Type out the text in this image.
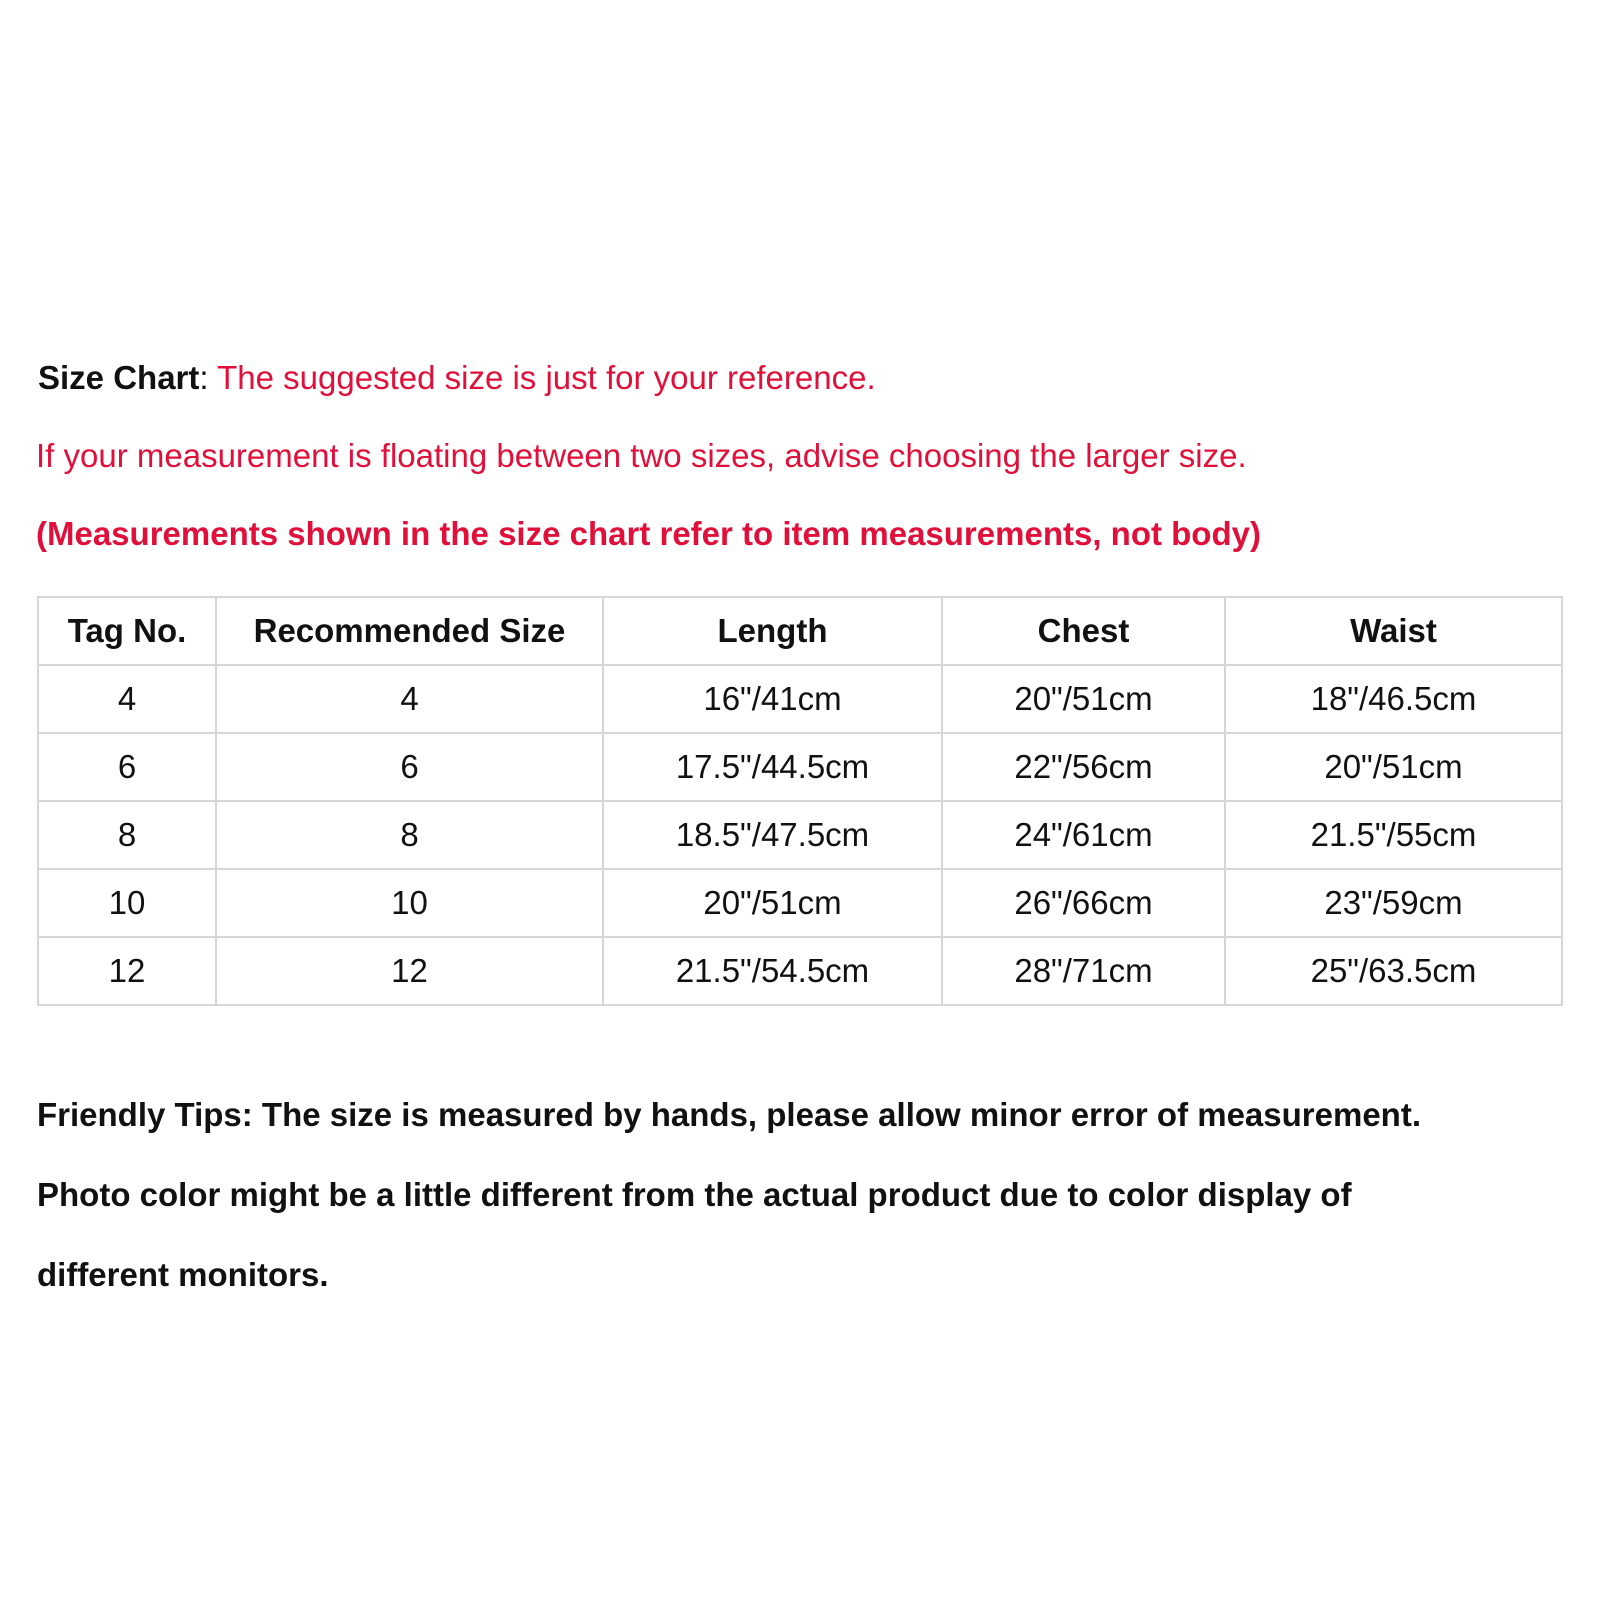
Size Chart: The suggested size is just for your reference.
If your measurement is floating between two sizes, advise choosing the larger size.
(Measurements shown in the size chart refer to item measurements, not body)
Tag No.	Recommended Size	Length	Chest	Waist
4	4	16"/41cm	20"/51cm	18"/46.5cm
6	6	17.5"/44.5cm	22"/56cm	20"/51cm
8	8	18.5"/47.5cm	24"/61cm	21.5"/55cm
10	10	20"/51cm	26"/66cm	23"/59cm
12	12	21.5"/54.5cm	28"/71cm	25"/63.5cm
Friendly Tips: The size is measured by hands, please allow minor error of measurement.
Photo color might be a little different from the actual product due to color display of
different monitors.
